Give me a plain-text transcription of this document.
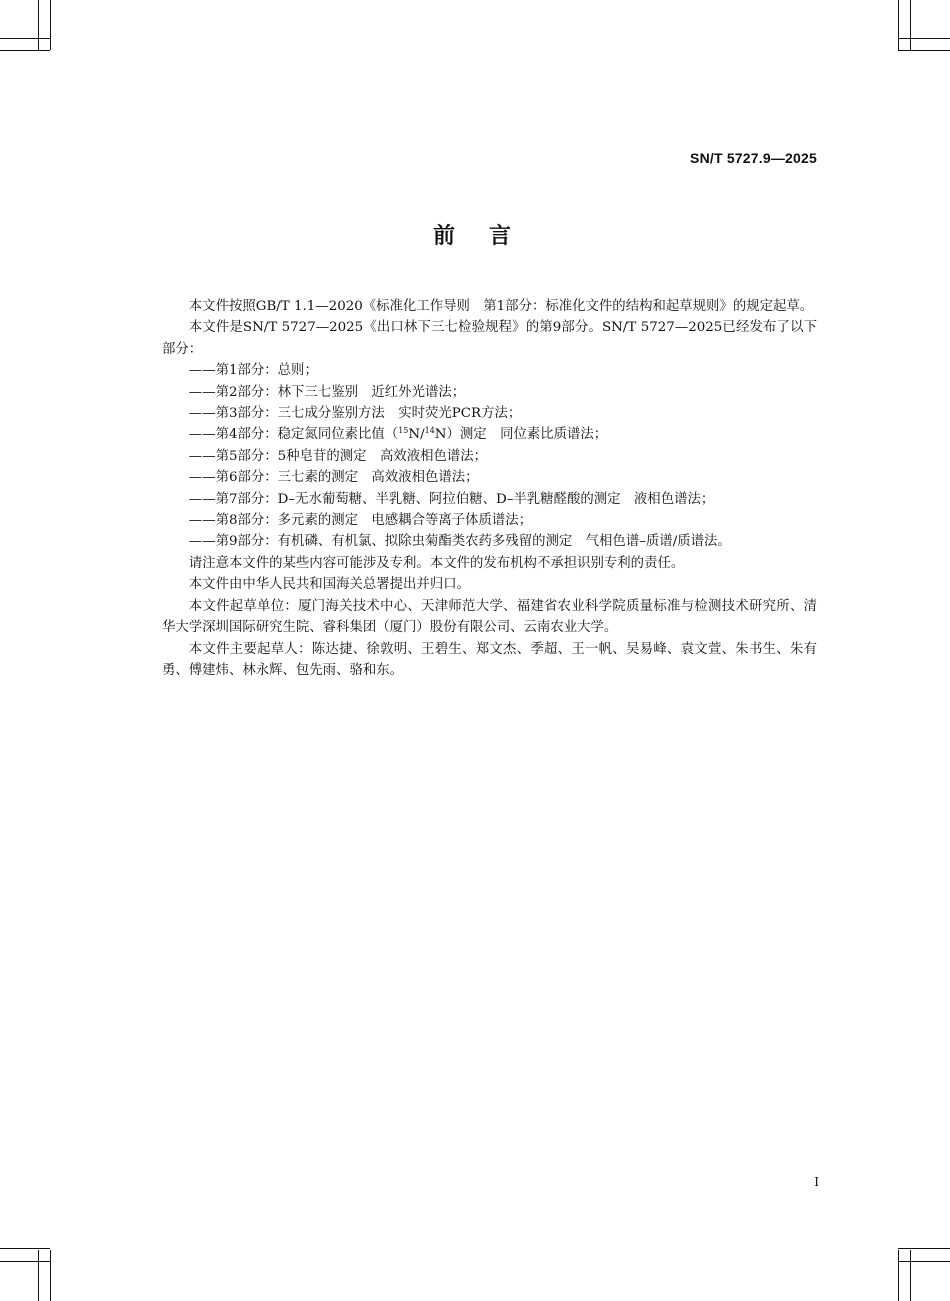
SN/T 5727.9—2025
前　言

本文件按照GB/T 1.1—2020《标准化工作导则　第1部分：标准化文件的结构和起草规则》的规定起草。

本文件是SN/T 5727—2025《出口林下三七检验规程》的第9部分。SN/T 5727—2025已经发布了以下部分：

——第1部分：总则；

——第2部分：林下三七鉴别 近红外光谱法；

——第3部分：三七成分鉴别方法 实时荧光PCR方法；

——第4部分：稳定氮同位素比值（$^{15}$N/$^{14}$N）测定 同位素比质谱法；

——第5部分：5种皂苷的测定 高效液相色谱法；

——第6部分：三七素的测定 高效液相色谱法；

——第7部分：D–无水葡萄糖、半乳糖、阿拉伯糖、D–半乳糖醛酸的测定 液相色谱法；

——第8部分：多元素的测定 电感耦合等离子体质谱法；

——第9部分：有机磷、有机氯、拟除虫菊酯类农药多残留的测定 气相色谱–质谱/质谱法。

请注意本文件的某些内容可能涉及专利。本文件的发布机构不承担识别专利的责任。

本文件由中华人民共和国海关总署提出并归口。

本文件起草单位：厦门海关技术中心、天津师范大学、福建省农业科学院质量标准与检测技术研究所、清华大学深圳国际研究生院、睿科集团（厦门）股份有限公司、云南农业大学。

本文件主要起草人：陈达捷、徐敦明、王碧生、郑文杰、季超、王一帆、吴易峰、袁文萱、朱书生、朱有勇、傅建炜、林永辉、包先雨、骆和东。

I
